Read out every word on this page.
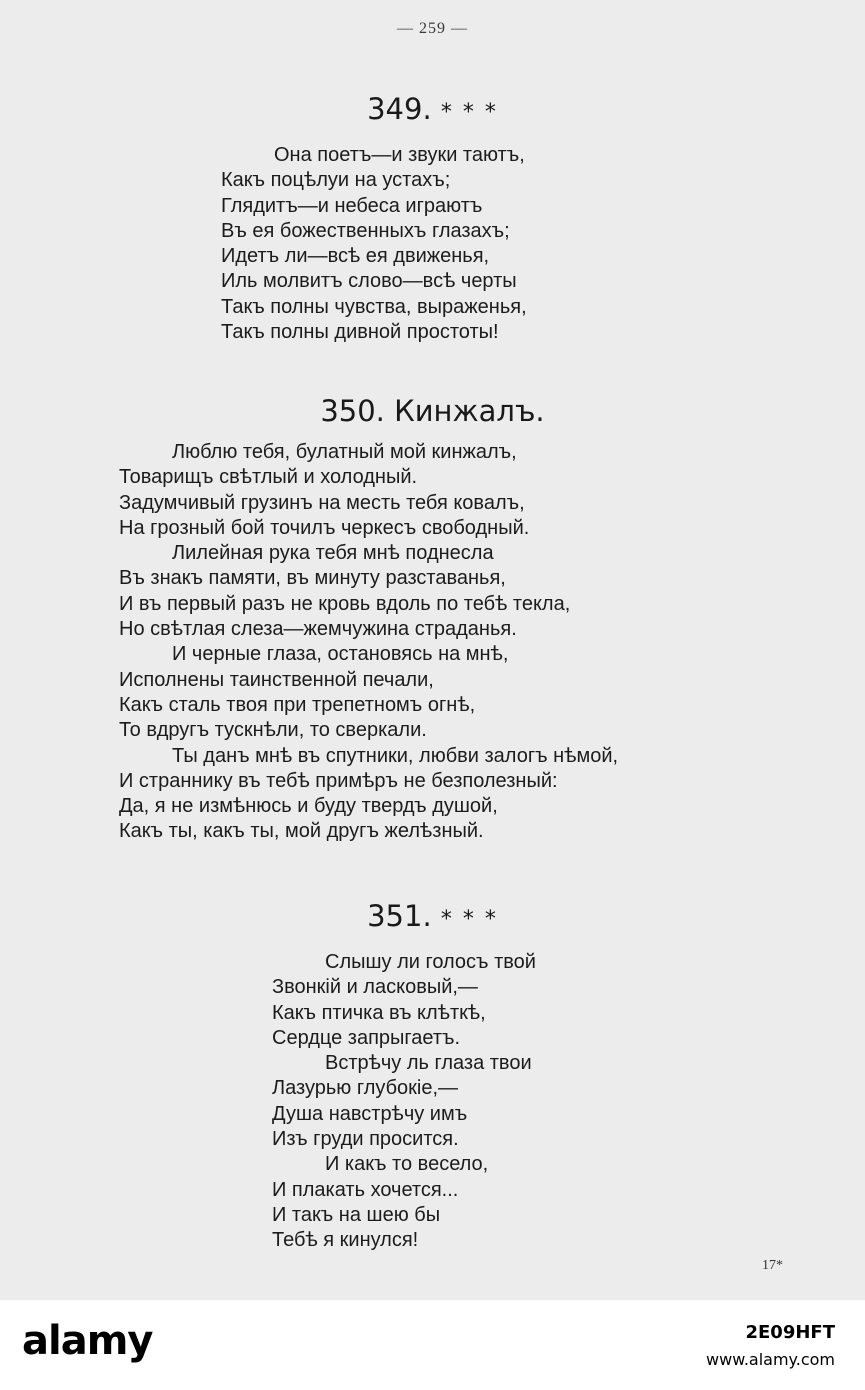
— 259 —
349. * * *
Она поетъ—и звуки таютъ,
Какъ поцѣлуи на устахъ;
Глядитъ—и небеса играютъ
Въ ея божественныхъ глазахъ;
Идетъ ли—всѣ ея движенья,
Иль молвитъ слово—всѣ черты
Такъ полны чувства, выраженья,
Такъ полны дивной простоты!
350. Кинжалъ.
Люблю тебя, булатный мой кинжалъ,
Товарищъ свѣтлый и холодный.
Задумчивый грузинъ на месть тебя ковалъ,
На грозный бой точилъ черкесъ свободный.
Лилейная рука тебя мнѣ поднесла
Въ знакъ памяти, въ минуту разставанья,
И въ первый разъ не кровь вдоль по тебѣ текла,
Но свѣтлая слеза—жемчужина страданья.
И черные глаза, остановясь на мнѣ,
Исполнены таинственной печали,
Какъ сталь твоя при трепетномъ огнѣ,
То вдругъ тускнѣли, то сверкали.
Ты данъ мнѣ въ спутники, любви залогъ нѣмой,
И страннику въ тебѣ примѣръ не безполезный:
Да, я не измѣнюсь и буду твердъ душой,
Какъ ты, какъ ты, мой другъ желѣзный.
351. * * *
Слышу ли голосъ твой
Звонкій и ласковый,—
Какъ птичка въ клѣткѣ,
Сердце запрыгаетъ.
Встрѣчу ль глаза твои
Лазурью глубокіе,—
Душа навстрѣчу имъ
Изъ груди просится.
И какъ то весело,
И плакать хочется...
И такъ на шею бы
Тебѣ я кинулся!
17*
alamy	2E09HFT
www.alamy.com
